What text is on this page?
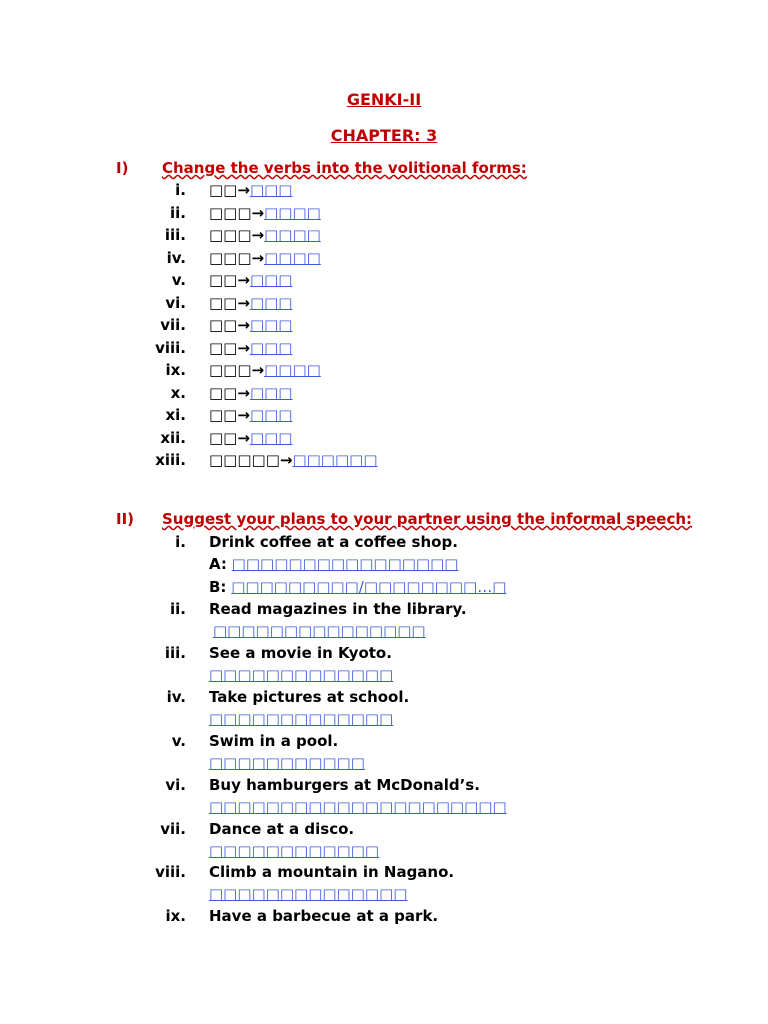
GENKI-II
CHAPTER: 3
I) Change the verbs into the volitional forms:
i. □□→□□□
ii. □□□→□□□□
iii. □□□→□□□□
iv. □□□→□□□□
v. □□→□□□
vi. □□→□□□
vii. □□→□□□
viii. □□→□□□
ix. □□□→□□□□
x. □□→□□□
xi. □□→□□□
xii. □□→□□□
xiii. □□□□□→□□□□□□
II) Suggest your plans to your partner using the informal speech:
i. Drink coffee at a coffee shop.
A: □□□□□□□□□□□□□□□□
B: □□□□□□□□□/□□□□□□□□…□
ii. Read magazines in the library.
□□□□□□□□□□□□□□□
iii. See a movie in Kyoto.
□□□□□□□□□□□□□
iv. Take pictures at school.
□□□□□□□□□□□□□
v. Swim in a pool.
□□□□□□□□□□□
vi. Buy hamburgers at McDonald’s.
□□□□□□□□□□□□□□□□□□□□□
vii. Dance at a disco.
□□□□□□□□□□□□
viii. Climb a mountain in Nagano.
□□□□□□□□□□□□□□
ix. Have a barbecue at a park.
